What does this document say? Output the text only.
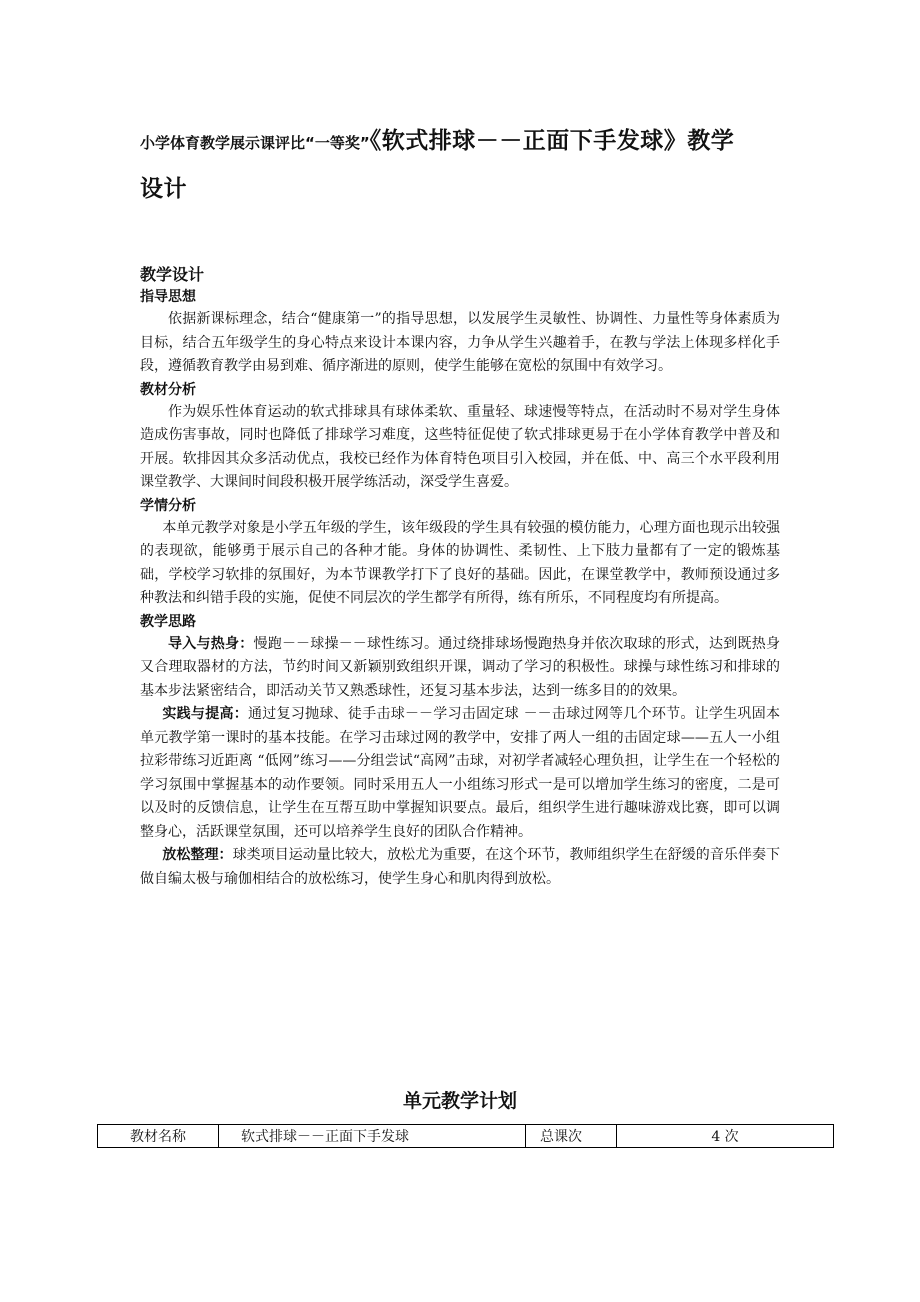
小学体育教学展示课评比“一等奖”《软式排球－－正面下手发球》教学
设计

教学设计

指导思想

依据新课标理念，结合“健康第一”的指导思想，以发展学生灵敏性、协调性、力量性等身体素质为目标，结合五年级学生的身心特点来设计本课内容，力争从学生兴趣着手，在教与学法上体现多样化手段，遵循教育教学由易到难、循序渐进的原则，使学生能够在宽松的氛围中有效学习。

教材分析

作为娱乐性体育运动的软式排球具有球体柔软、重量轻、球速慢等特点，在活动时不易对学生身体造成伤害事故，同时也降低了排球学习难度，这些特征促使了软式排球更易于在小学体育教学中普及和开展。软排因其众多活动优点，我校已经作为体育特色项目引入校园，并在低、中、高三个水平段利用课堂教学、大课间时间段积极开展学练活动，深受学生喜爱。

学情分析

本单元教学对象是小学五年级的学生，该年级段的学生具有较强的模仿能力，心理方面也现示出较强的表现欲，能够勇于展示自己的各种才能。身体的协调性、柔韧性、上下肢力量都有了一定的锻炼基础，学校学习软排的氛围好，为本节课教学打下了良好的基础。因此，在课堂教学中，教师预设通过多种教法和纠错手段的实施，促使不同层次的学生都学有所得，练有所乐，不同程度均有所提高。

教学思路

导入与热身：慢跑－－球操－－球性练习。通过绕排球场慢跑热身并依次取球的形式，达到既热身又合理取器材的方法，节约时间又新颖别致组织开课，调动了学习的积极性。球操与球性练习和排球的基本步法紧密结合，即活动关节又熟悉球性，还复习基本步法，达到一练多目的的效果。

实践与提高：通过复习抛球、徒手击球－－学习击固定球 －－击球过网等几个环节。让学生巩固本单元教学第一课时的基本技能。在学习击球过网的教学中，安排了两人一组的击固定球——五人一小组拉彩带练习近距离 “低网”练习——分组尝试“高网”击球，对初学者减轻心理负担，让学生在一个轻松的学习氛围中掌握基本的动作要领。同时采用五人一小组练习形式一是可以增加学生练习的密度，二是可以及时的反馈信息，让学生在互帮互助中掌握知识要点。最后，组织学生进行趣味游戏比赛，即可以调整身心，活跃课堂氛围，还可以培养学生良好的团队合作精神。

放松整理：球类项目运动量比较大，放松尤为重要，在这个环节，教师组织学生在舒缓的音乐伴奏下做自编太极与瑜伽相结合的放松练习，使学生身心和肌肉得到放松。

单元教学计划
教材名称	软式排球－－正面下手发球	总课次	4 次
